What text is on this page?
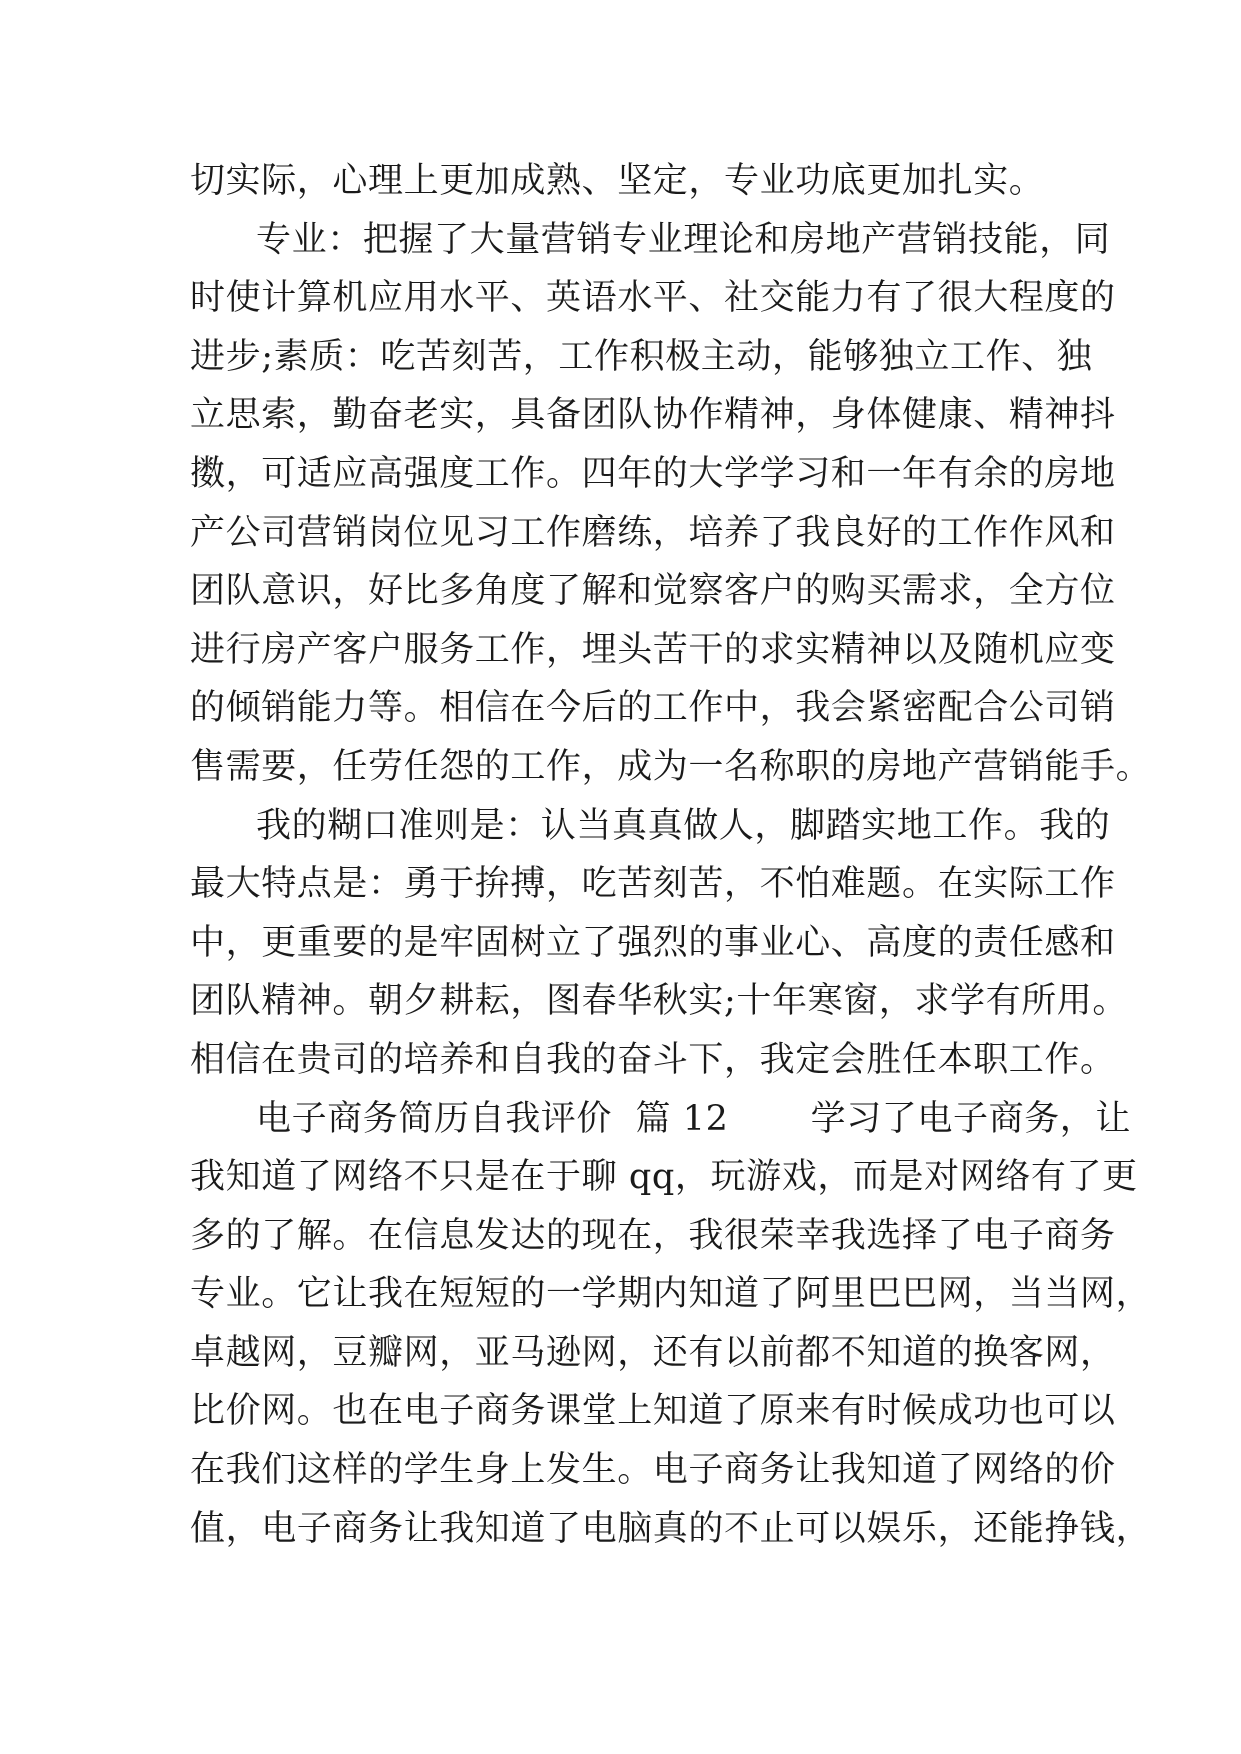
切实际，心理上更加成熟、坚定，专业功底更加扎实。
专业：把握了大量营销专业理论和房地产营销技能，同
时使计算机应用水平、英语水平、社交能力有了很大程度的
进步;素质：吃苦刻苦，工作积极主动，能够独立工作、独
立思索，勤奋老实，具备团队协作精神，身体健康、精神抖
擞，可适应高强度工作。四年的大学学习和一年有余的房地
产公司营销岗位见习工作磨练，培养了我良好的工作作风和
团队意识，好比多角度了解和觉察客户的购买需求，全方位
进行房产客户服务工作，埋头苦干的求实精神以及随机应变
的倾销能力等。相信在今后的工作中，我会紧密配合公司销
售需要，任劳任怨的工作，成为一名称职的房地产营销能手。
我的糊口准则是：认当真真做人，脚踏实地工作。我的
最大特点是：勇于拚搏，吃苦刻苦，不怕难题。在实际工作
中，更重要的是牢固树立了强烈的事业心、高度的责任感和
团队精神。朝夕耕耘，图春华秋实;十年寒窗，求学有所用。
相信在贵司的培养和自我的奋斗下，我定会胜任本职工作。
电子商务简历自我评价  篇 12       学习了电子商务，让
我知道了网络不只是在于聊 qq，玩游戏，而是对网络有了更
多的了解。在信息发达的现在，我很荣幸我选择了电子商务
专业。它让我在短短的一学期内知道了阿里巴巴网，当当网，
卓越网，豆瓣网，亚马逊网，还有以前都不知道的换客网，
比价网。也在电子商务课堂上知道了原来有时候成功也可以
在我们这样的学生身上发生。电子商务让我知道了网络的价
值，电子商务让我知道了电脑真的不止可以娱乐，还能挣钱，
